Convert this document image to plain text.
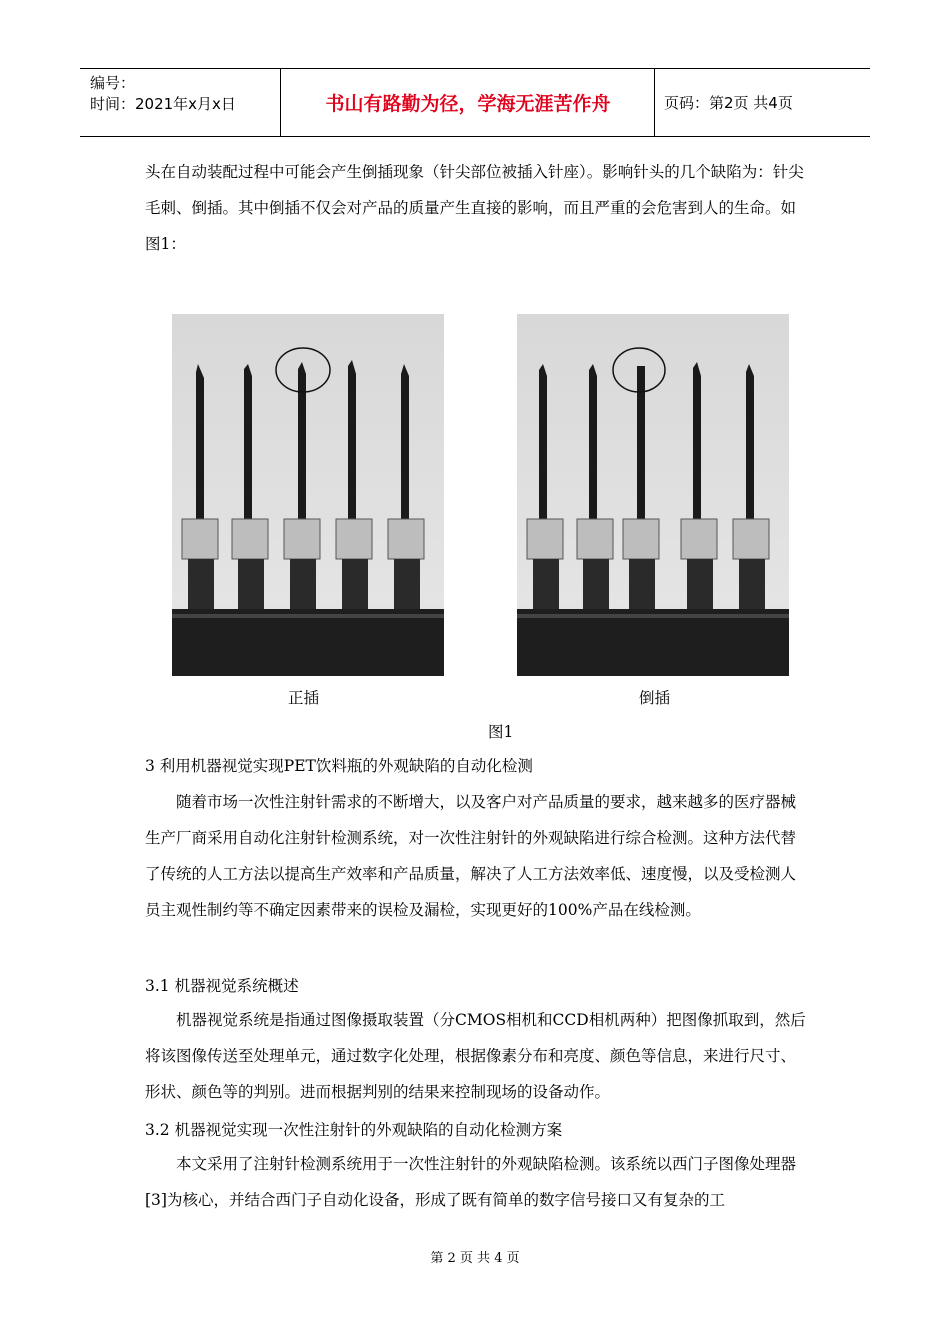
编号：
时间：2021年x月x日	书山有路勤为径，学海无涯苦作舟	页码：第2页 共4页
头在自动装配过程中可能会产生倒插现象（针尖部位被插入针座）。影响针头的几个缺陷为：针尖毛刺、倒插。其中倒插不仅会对产品的质量产生直接的影响，而且严重的会危害到人的生命。如图1：
正插	倒插
图1
3 利用机器视觉实现PET饮料瓶的外观缺陷的自动化检测
随着市场一次性注射针需求的不断增大，以及客户对产品质量的要求，越来越多的医疗器械生产厂商采用自动化注射针检测系统，对一次性注射针的外观缺陷进行综合检测。这种方法代替了传统的人工方法以提高生产效率和产品质量，解决了人工方法效率低、速度慢，以及受检测人员主观性制约等不确定因素带来的误检及漏检，实现更好的100%产品在线检测。
3.1 机器视觉系统概述
机器视觉系统是指通过图像摄取装置（分CMOS相机和CCD相机两种）把图像抓取到，然后将该图像传送至处理单元，通过数字化处理，根据像素分布和亮度、颜色等信息，来进行尺寸、形状、颜色等的判别。进而根据判别的结果来控制现场的设备动作。
3.2 机器视觉实现一次性注射针的外观缺陷的自动化检测方案
本文采用了注射针检测系统用于一次性注射针的外观缺陷检测。该系统以西门子图像处理器[3]为核心，并结合西门子自动化设备，形成了既有简单的数字信号接口又有复杂的工
第 2 页 共 4 页
